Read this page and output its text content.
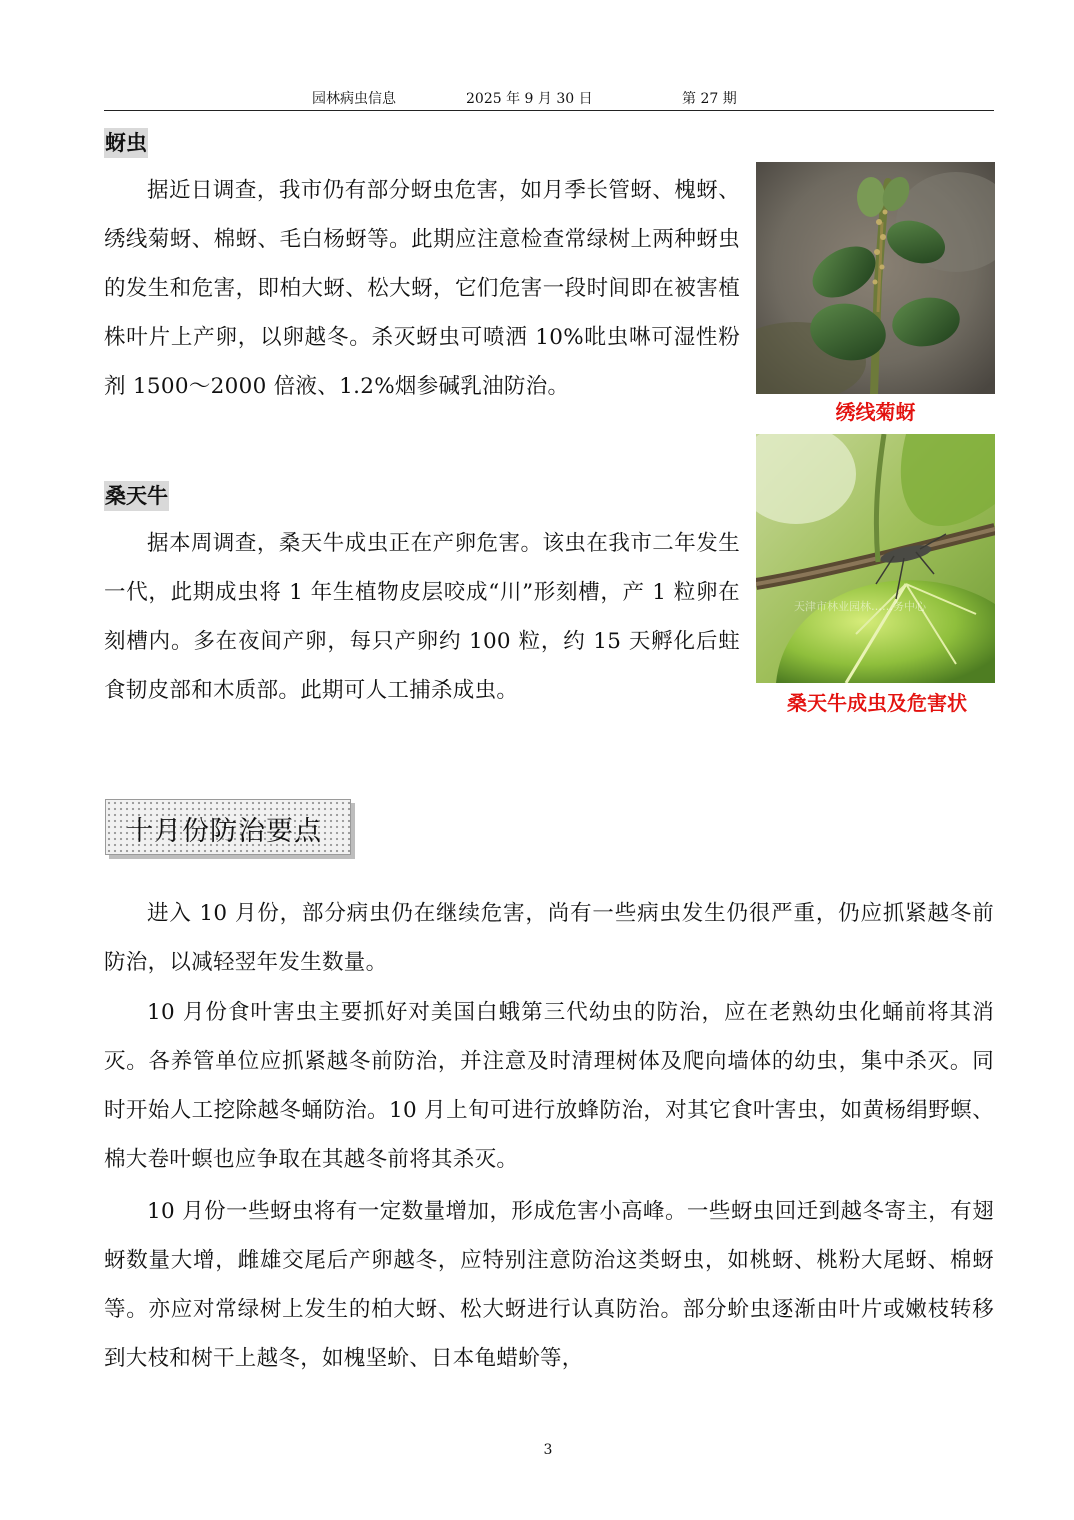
园林病虫信息	2025 年 9 月 30 日	第 27 期
蚜虫

据近日调查，我市仍有部分蚜虫危害，如月季长管蚜、槐蚜、绣线菊蚜、棉蚜、毛白杨蚜等。此期应注意检查常绿树上两种蚜虫的发生和危害，即柏大蚜、松大蚜，它们危害一段时间即在被害植株叶片上产卵，以卵越冬。杀灭蚜虫可喷洒 10%吡虫啉可湿性粉剂 1500～2000 倍液、1.2%烟参碱乳油防治。

绣线菊蚜
桑天牛

据本周调查，桑天牛成虫正在产卵危害。该虫在我市二年发生一代，此期成虫将 1 年生植物皮层咬成“川”形刻槽，产 1 粒卵在刻槽内。多在夜间产卵，每只产卵约 100 粒，约 15 天孵化后蛀食韧皮部和木质部。此期可人工捕杀成虫。

天津市林业园林……务中心
桑天牛成虫及危害状
十月份防治要点

进入 10 月份，部分病虫仍在继续危害，尚有一些病虫发生仍很严重，仍应抓紧越冬前防治，以减轻翌年发生数量。

10 月份食叶害虫主要抓好对美国白蛾第三代幼虫的防治，应在老熟幼虫化蛹前将其消灭。各养管单位应抓紧越冬前防治，并注意及时清理树体及爬向墙体的幼虫，集中杀灭。同时开始人工挖除越冬蛹防治。10 月上旬可进行放蜂防治，对其它食叶害虫，如黄杨绢野螟、棉大卷叶螟也应争取在其越冬前将其杀灭。

10 月份一些蚜虫将有一定数量增加，形成危害小高峰。一些蚜虫回迁到越冬寄主，有翅蚜数量大增，雌雄交尾后产卵越冬，应特别注意防治这类蚜虫，如桃蚜、桃粉大尾蚜、棉蚜等。亦应对常绿树上发生的柏大蚜、松大蚜进行认真防治。部分蚧虫逐渐由叶片或嫩枝转移到大枝和树干上越冬，如槐坚蚧、日本龟蜡蚧等，

3
